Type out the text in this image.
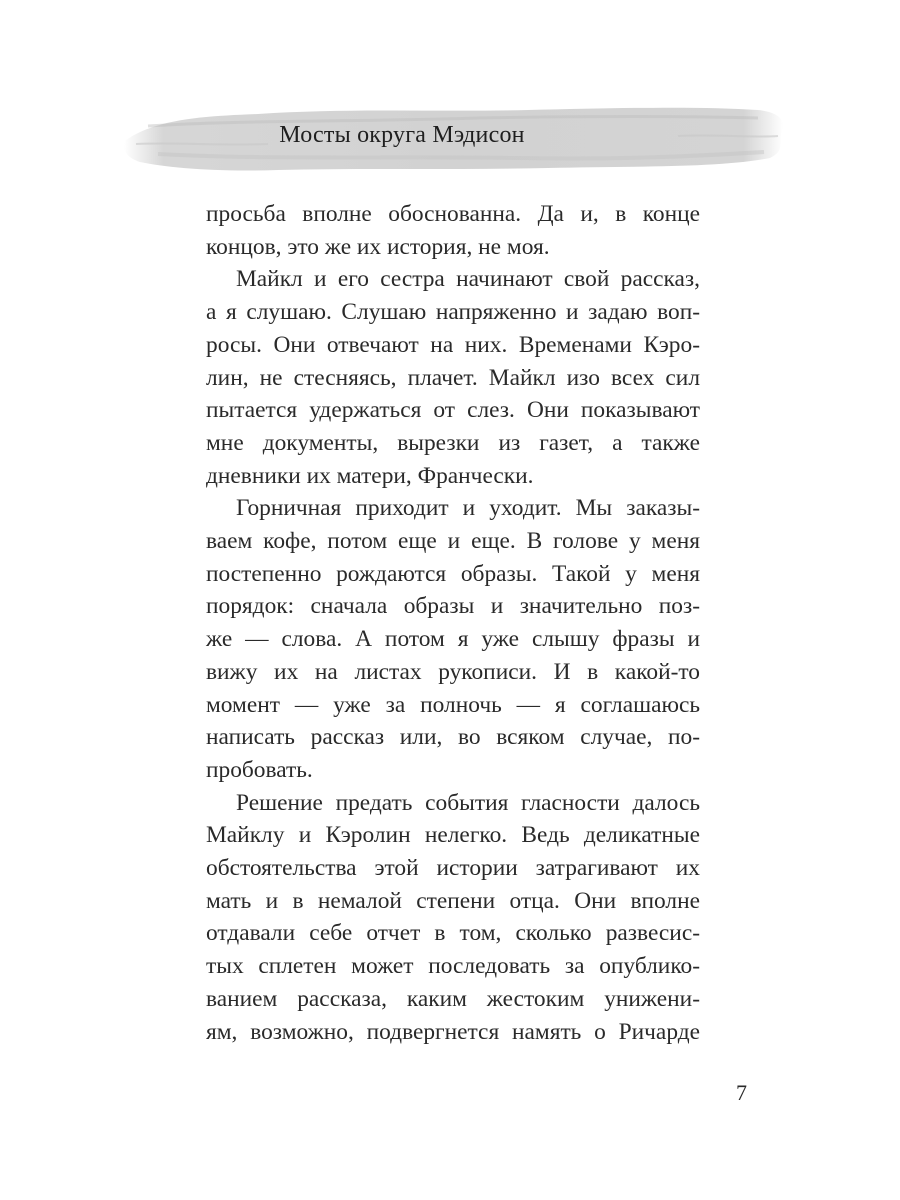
Мосты округа Мэдисон
просьба вполне обоснованна. Да и, в конце
концов, это же их история, не моя.
Майкл и его сестра начинают свой рассказ,
а я слушаю. Слушаю напряженно и задаю воп-
росы. Они отвечают на них. Временами Кэро-
лин, не стесняясь, плачет. Майкл изо всех сил
пытается удержаться от слез. Они показывают
мне документы, вырезки из газет, а также
дневники их матери, Франчески.
Горничная приходит и уходит. Мы заказы-
ваем кофе, потом еще и еще. В голове у меня
постепенно рождаются образы. Такой у меня
порядок: сначала образы и значительно поз-
же — слова. А потом я уже слышу фразы и
вижу их на листах рукописи. И в какой-то
момент — уже за полночь — я соглашаюсь
написать рассказ или, во всяком случае, по-
пробовать.
Решение предать события гласности далось
Майклу и Кэролин нелегко. Ведь деликатные
обстоятельства этой истории затрагивают их
мать и в немалой степени отца. Они вполне
отдавали себе отчет в том, сколько развесис-
тых сплетен может последовать за опублико-
ванием рассказа, каким жестоким унижени-
ям, возможно, подвергнется намять о Ричарде
7
